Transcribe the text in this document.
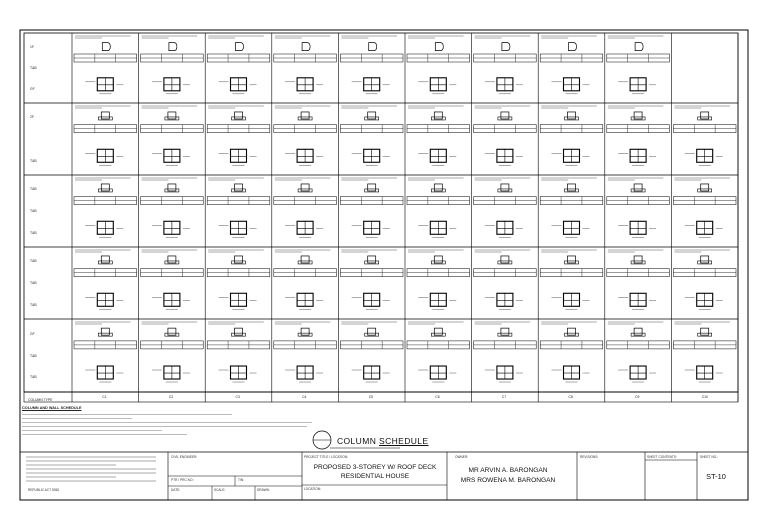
1F
T&B
GF
2F
T&B
T&B
T&B
T&B
T&B
T&B
T&B
GF
T&B
T&B
COLUMN AND WALL SCHEDULE
COLUMN SCHEDULE
CIVIL ENGINEER:	PROJECT TITLE / LOCATION:
PROPOSED 3-STOREY W/ ROOF DECK
RESIDENTIAL HOUSE
LOCATION:
OWNER:
MR ARVIN A. BARONGAN
MRS ROWENA M. BARONGAN
REVISIONS:	SHEET CONTENTS:	SHEET NO.:
ST-10
PTR / PRC NO.:	TIN:
DATE:	SCALE:	DRAWN:
REPUBLIC ACT 9266
C1	C2	C3	C4	C5	C6	C7	C8	C9	C10
COLUMN TYPE
